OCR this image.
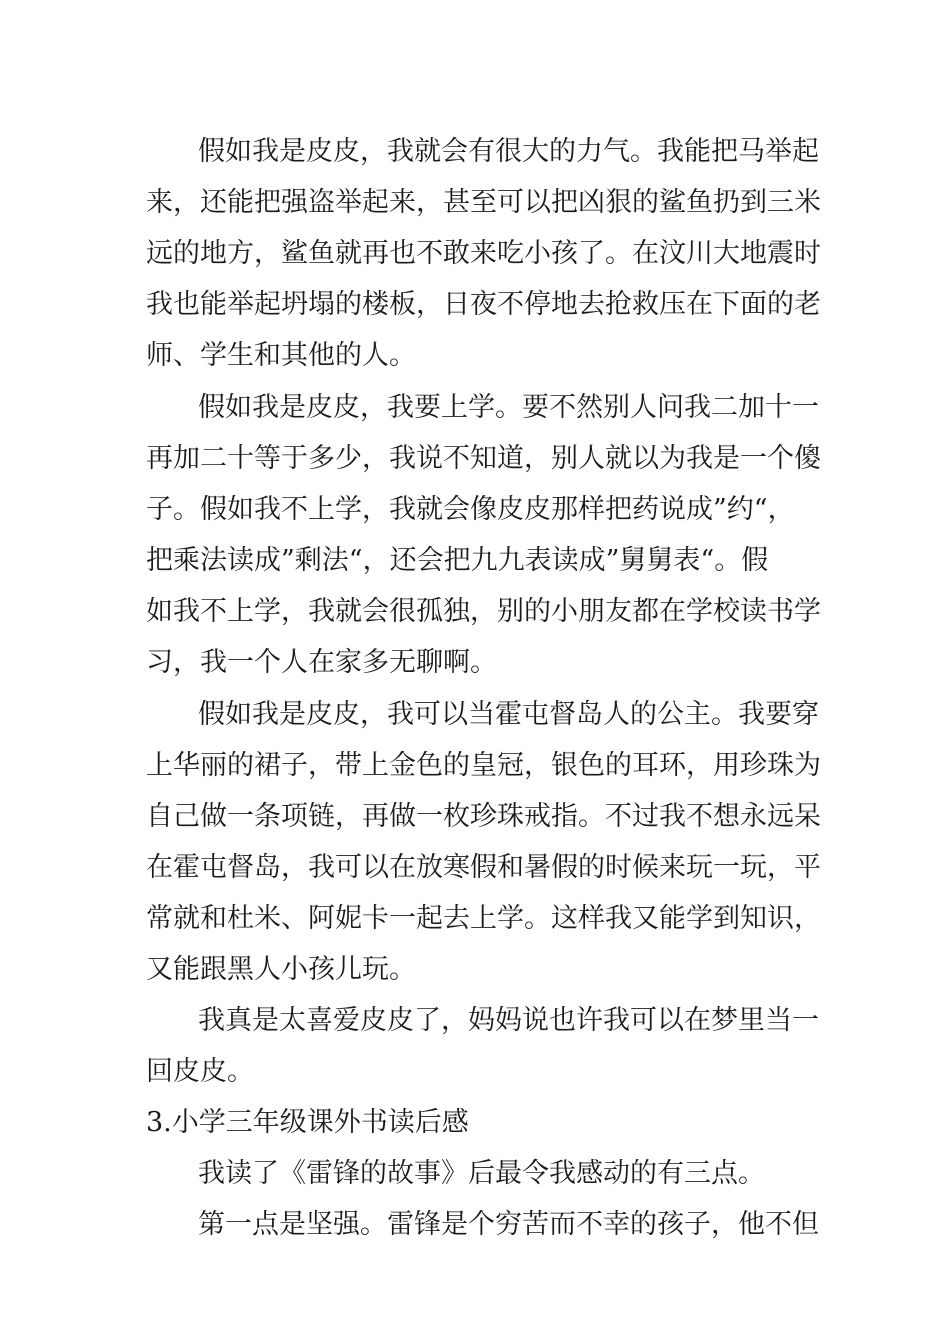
假如我是皮皮，我就会有很大的力气。我能把马举起
来，还能把强盗举起来，甚至可以把凶狠的鲨鱼扔到三米
远的地方，鲨鱼就再也不敢来吃小孩了。在汶川大地震时
我也能举起坍塌的楼板，日夜不停地去抢救压在下面的老
师、学生和其他的人。
假如我是皮皮，我要上学。要不然别人问我二加十一
再加二十等于多少，我说不知道，别人就以为我是一个傻
子。假如我不上学，我就会像皮皮那样把药说成”约“，
把乘法读成”剩法“，还会把九九表读成”舅舅表“。假
如我不上学，我就会很孤独，别的小朋友都在学校读书学
习，我一个人在家多无聊啊。
假如我是皮皮，我可以当霍屯督岛人的公主。我要穿
上华丽的裙子，带上金色的皇冠，银色的耳环，用珍珠为
自己做一条项链，再做一枚珍珠戒指。不过我不想永远呆
在霍屯督岛，我可以在放寒假和暑假的时候来玩一玩，平
常就和杜米、阿妮卡一起去上学。这样我又能学到知识，
又能跟黑人小孩儿玩。
我真是太喜爱皮皮了，妈妈说也许我可以在梦里当一
回皮皮。
3.小学三年级课外书读后感
我读了《雷锋的故事》后最令我感动的有三点。
第一点是坚强。雷锋是个穷苦而不幸的孩子，他不但
